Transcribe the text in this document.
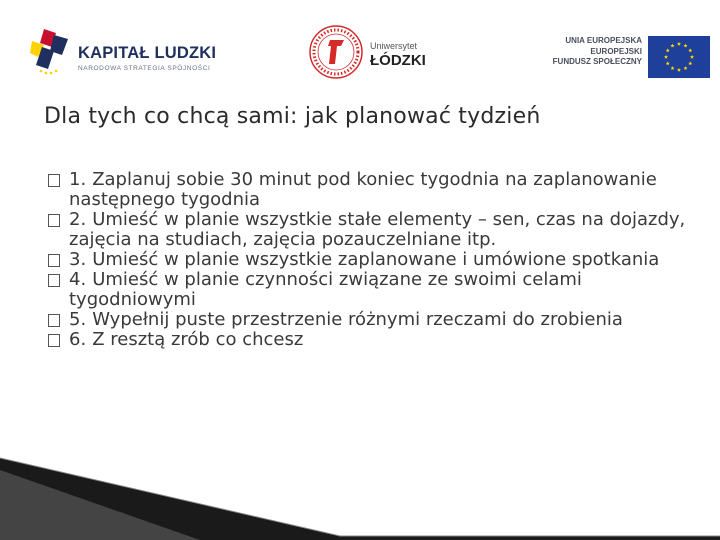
KAPITAŁ LUDZKI
NARODOWA STRATEGIA SPÓJNOŚCI
Uniwersytet
ŁÓDZKI
UNIA EUROPEJSKA
EUROPEJSKI
FUNDUSZ SPOŁECZNY
Dla tych co chcą sami: jak planować tydzień
1. Zaplanuj sobie 30 minut pod koniec tygodnia na zaplanowanie następnego tygodnia
2. Umieść w planie wszystkie stałe elementy – sen, czas na dojazdy, zajęcia na studiach, zajęcia pozauczelniane itp.
3. Umieść w planie wszystkie zaplanowane i umówione spotkania
4. Umieść w planie czynności związane ze swoimi celami tygodniowymi
5. Wypełnij puste przestrzenie różnymi rzeczami do zrobienia
6. Z resztą zrób co chcesz
